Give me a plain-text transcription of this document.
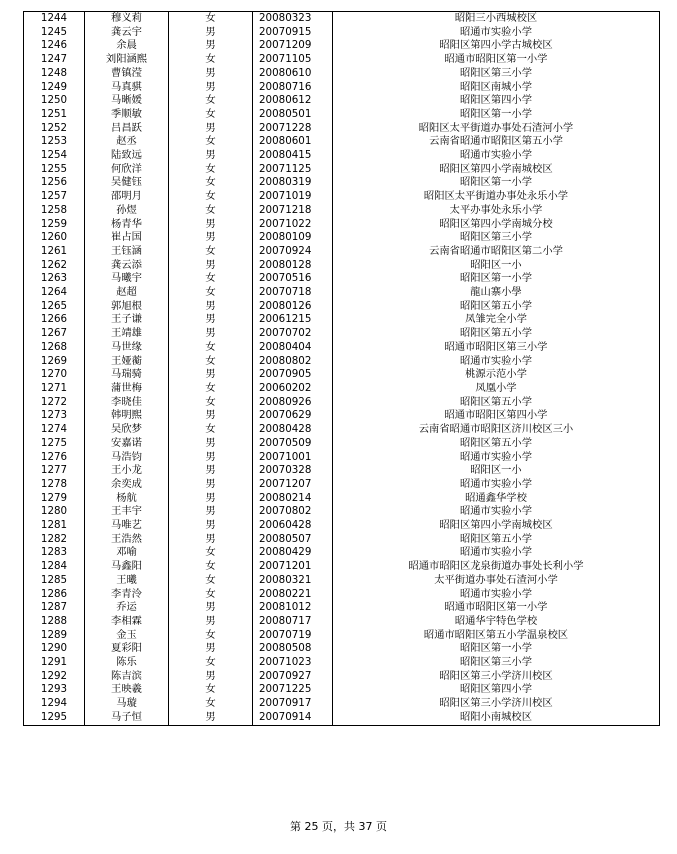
1244	穆义莉	女	20080323	昭阳三小西城校区
1245	龚云宇	男	20070915	昭通市实验小学
1246	余晨	男	20071209	昭阳区第四小学古城校区
1247	刘阳涵熙	女	20071105	昭通市昭阳区第一小学
1248	曹镇滢	男	20080610	昭阳区第三小学
1249	马真骐	男	20080716	昭阳区南城小学
1250	马晰媛	女	20080612	昭阳区第四小学
1251	季顺敏	女	20080501	昭阳区第一小学
1252	吕昌跃	男	20071228	昭阳区太平街道办事处石渣河小学
1253	赵丞	女	20080601	云南省昭通市昭阳区第五小学
1254	陆致远	男	20080415	昭通市实验小学
1255	何欣洋	女	20071125	昭阳区第四小学南城校区
1256	吴健钰	女	20080319	昭阳区第一小学
1257	邵明月	女	20071019	昭阳区太平街道办事处永乐小学
1258	孙煜	女	20071218	太平办事处永乐小学
1259	杨青华	男	20071022	昭阳区第四小学南城分校
1260	崔占国	男	20080109	昭阳区第三小学
1261	王钰涵	女	20070924	云南省昭通市昭阳区第二小学
1262	龚云添	男	20080128	昭阳区一小
1263	马曦宇	女	20070516	昭阳区第一小学
1264	赵超	女	20070718	龍山寨小學
1265	郭旭根	男	20080126	昭阳区第五小学
1266	王子谦	男	20061215	凤雏完全小学
1267	王靖雄	男	20070702	昭阳区第五小学
1268	马世缘	女	20080404	昭通市昭阳区第三小学
1269	王娅蘅	女	20080802	昭通市实验小学
1270	马瑞骑	男	20070905	桃源示范小学
1271	蒲世梅	女	20060202	凤凰小学
1272	李晓佳	女	20080926	昭阳区第五小学
1273	韩明熙	男	20070629	昭通市昭阳区第四小学
1274	吴欣梦	女	20080428	云南省昭通市昭阳区济川校区三小
1275	安嘉诺	男	20070509	昭阳区第五小学
1276	马浩钧	男	20071001	昭通市实验小学
1277	王小龙	男	20070328	昭阳区一小
1278	余奕成	男	20071207	昭通市实验小学
1279	杨航	男	20080214	昭通鑫华学校
1280	王丰宇	男	20070802	昭通市实验小学
1281	马唯艺	男	20060428	昭阳区第四小学南城校区
1282	王浩然	男	20080507	昭阳区第五小学
1283	邓喻	女	20080429	昭通市实验小学
1284	马鑫阳	女	20071201	昭通市昭阳区龙泉街道办事处长利小学
1285	王曦	女	20080321	太平街道办事处石渣河小学
1286	李青泠	女	20080221	昭通市实验小学
1287	乔运	男	20081012	昭通市昭阳区第一小学
1288	李相霖	男	20080717	昭通华宇特色学校
1289	金玉	女	20070719	昭通市昭阳区第五小学温泉校区
1290	夏彩阳	男	20080508	昭阳区第一小学
1291	陈乐	女	20071023	昭阳区第三小学
1292	陈吉滨	男	20070927	昭阳区第三小学济川校区
1293	王映羲	女	20071225	昭阳区第四小学
1294	马璇	女	20070917	昭阳区第三小学济川校区
1295	马子恒	男	20070914	昭阳小南城校区
第 25 页，共 37 页
